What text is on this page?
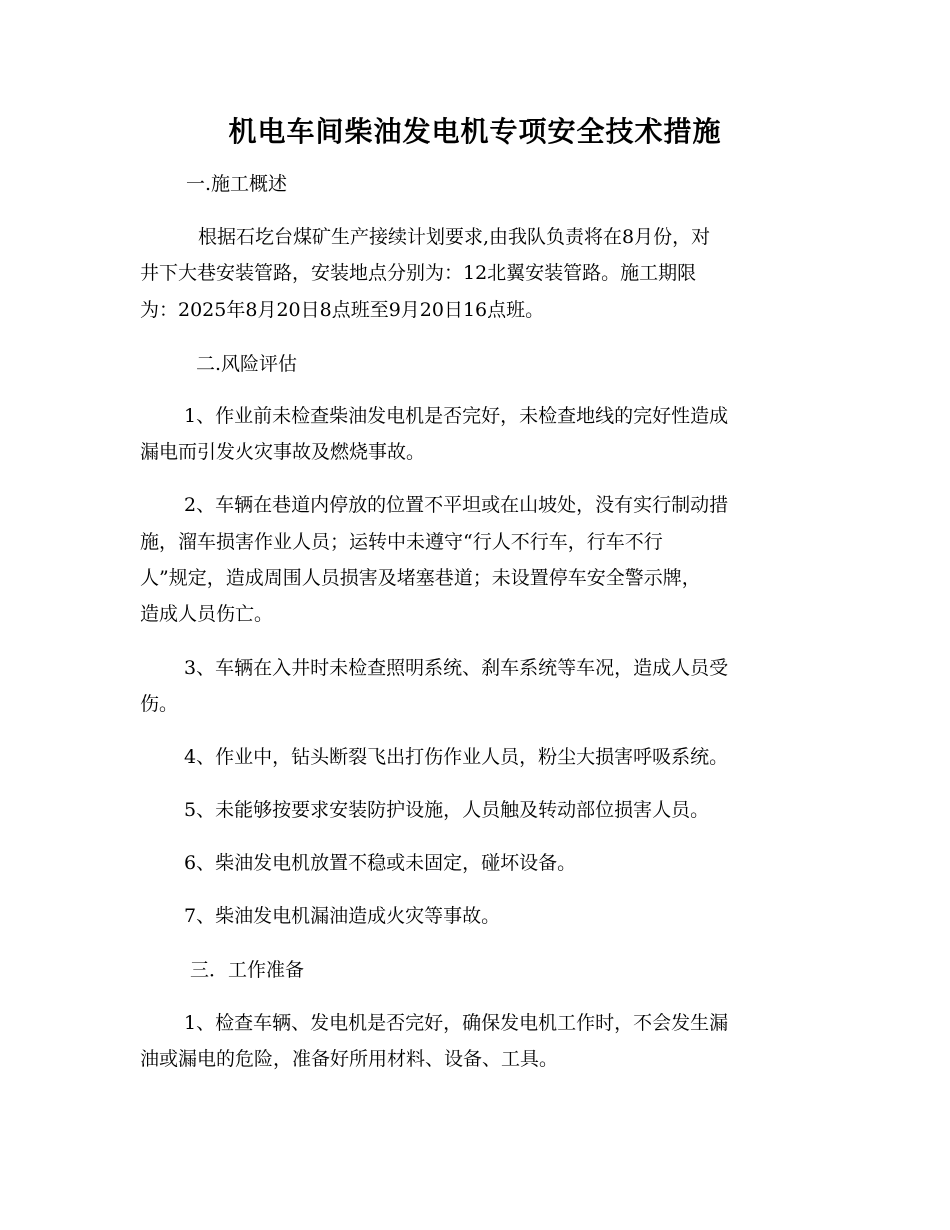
机电车间柴油发电机专项安全技术措施
一.施工概述
根据石圪台煤矿生产接续计划要求,由我队负责将在8月份，对
井下大巷安装管路，安装地点分别为：12北翼安装管路。施工期限
为：2025年8月20日8点班至9月20日16点班。
二.风险评估
1、作业前未检查柴油发电机是否完好，未检查地线的完好性造成
漏电而引发火灾事故及燃烧事故。
2、车辆在巷道内停放的位置不平坦或在山坡处，没有实行制动措
施，溜车损害作业人员；运转中未遵守“行人不行车，行车不行
人”规定，造成周围人员损害及堵塞巷道；未设置停车安全警示牌，
造成人员伤亡。
3、车辆在入井时未检查照明系统、刹车系统等车况，造成人员受
伤。
4、作业中，钻头断裂飞出打伤作业人员，粉尘大损害呼吸系统。
5、未能够按要求安装防护设施，人员触及转动部位损害人员。
6、柴油发电机放置不稳或未固定，碰坏设备。
7、柴油发电机漏油造成火灾等事故。
三．工作准备
1、检查车辆、发电机是否完好，确保发电机工作时，不会发生漏
油或漏电的危险，准备好所用材料、设备、工具。
